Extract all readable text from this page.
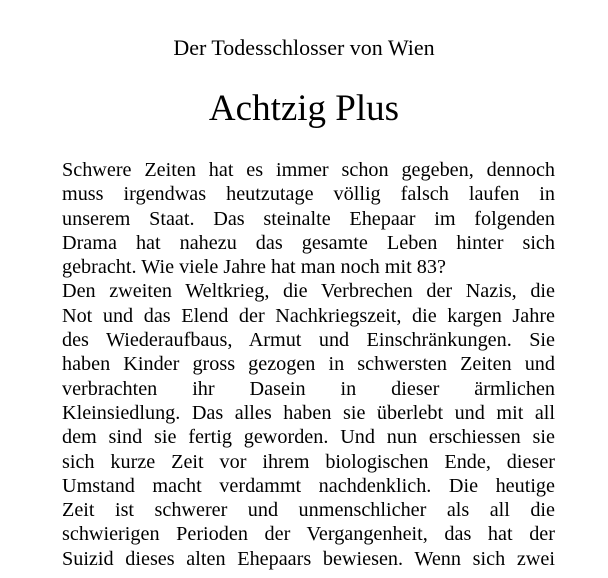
Der Todesschlosser von Wien
Achtzig Plus
Schwere Zeiten hat es immer schon gegeben, dennoch
muss irgendwas heutzutage völlig falsch laufen in
unserem Staat. Das steinalte Ehepaar im folgenden
Drama hat nahezu das gesamte Leben hinter sich
gebracht. Wie viele Jahre hat man noch mit 83?
Den zweiten Weltkrieg, die Verbrechen der Nazis, die
Not und das Elend der Nachkriegszeit, die kargen Jahre
des Wiederaufbaus, Armut und Einschränkungen. Sie
haben Kinder gross gezogen in schwersten Zeiten und
verbrachten ihr Dasein in dieser ärmlichen
Kleinsiedlung. Das alles haben sie überlebt und mit all
dem sind sie fertig geworden. Und nun erschiessen sie
sich kurze Zeit vor ihrem biologischen Ende, dieser
Umstand macht verdammt nachdenklich. Die heutige
Zeit ist schwerer und unmenschlicher als all die
schwierigen Perioden der Vergangenheit, das hat der
Suizid dieses alten Ehepaars bewiesen. Wenn sich zwei
